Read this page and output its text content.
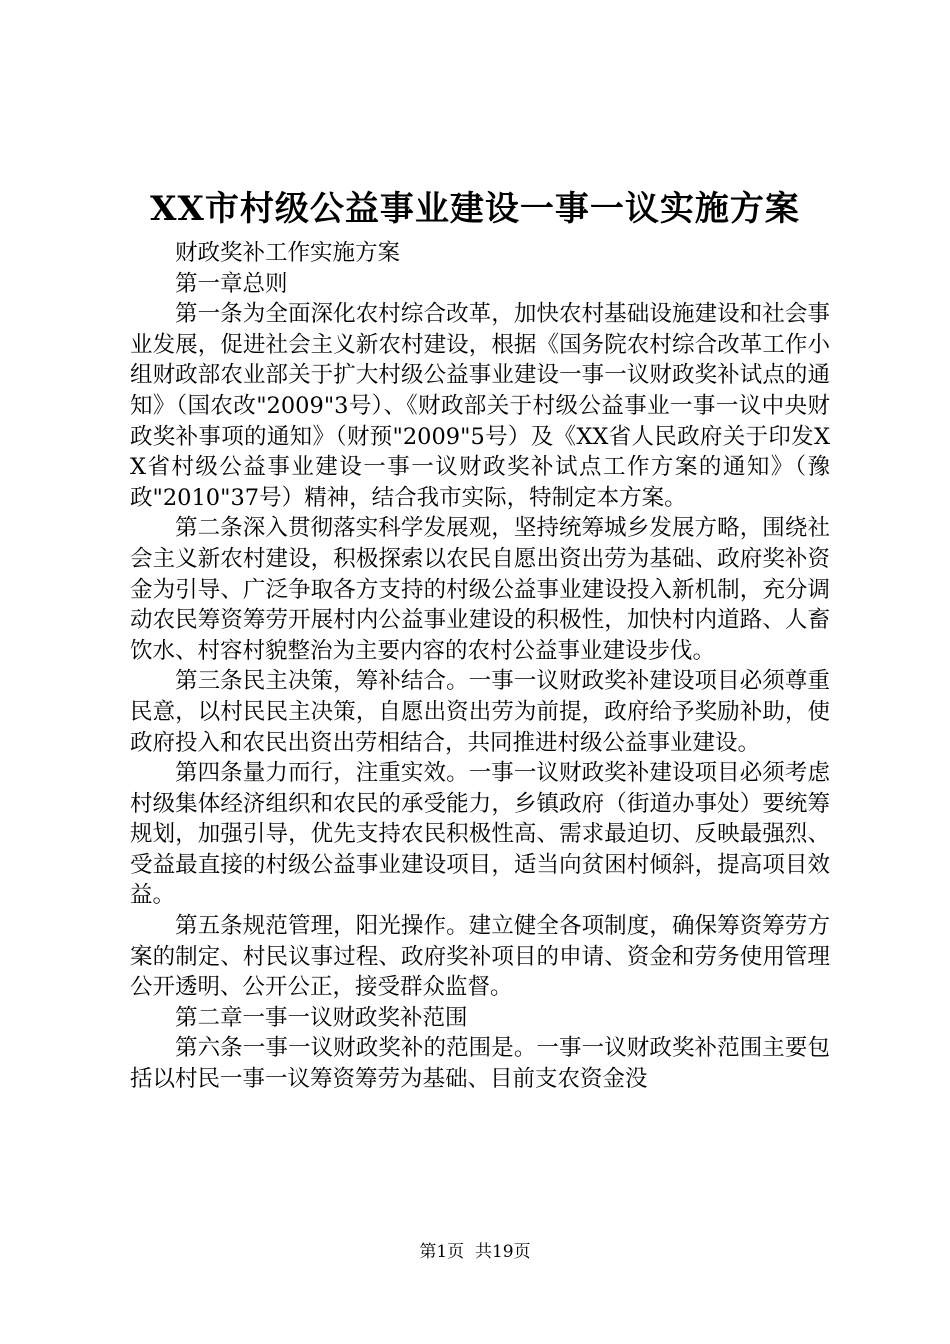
XX市村级公益事业建设一事一议实施方案

财政奖补工作实施方案

第一章总则

第一条为全面深化农村综合改革，加快农村基础设施建设和社会事业发展，促进社会主义新农村建设，根据《国务院农村综合改革工作小组财政部农业部关于扩大村级公益事业建设一事一议财政奖补试点的通知》（国农改"2009"3号）、《财政部关于村级公益事业一事一议中央财政奖补事项的通知》（财预"2009"5号）及《XX省人民政府关于印发XX省村级公益事业建设一事一议财政奖补试点工作方案的通知》（豫政"2010"37号）精神，结合我市实际，特制定本方案。

第二条深入贯彻落实科学发展观，坚持统筹城乡发展方略，围绕社会主义新农村建设，积极探索以农民自愿出资出劳为基础、政府奖补资金为引导、广泛争取各方支持的村级公益事业建设投入新机制，充分调动农民筹资筹劳开展村内公益事业建设的积极性，加快村内道路、人畜饮水、村容村貌整治为主要内容的农村公益事业建设步伐。

第三条民主决策，筹补结合。一事一议财政奖补建设项目必须尊重民意，以村民民主决策，自愿出资出劳为前提，政府给予奖励补助，使政府投入和农民出资出劳相结合，共同推进村级公益事业建设。

第四条量力而行，注重实效。一事一议财政奖补建设项目必须考虑村级集体经济组织和农民的承受能力，乡镇政府（街道办事处）要统筹规划，加强引导，优先支持农民积极性高、需求最迫切、反映最强烈、受益最直接的村级公益事业建设项目，适当向贫困村倾斜，提高项目效益。

第五条规范管理，阳光操作。建立健全各项制度，确保筹资筹劳方案的制定、村民议事过程、政府奖补项目的申请、资金和劳务使用管理公开透明、公开公正，接受群众监督。

第二章一事一议财政奖补范围

第六条一事一议财政奖补的范围是。一事一议财政奖补范围主要包括以村民一事一议筹资筹劳为基础、目前支农资金没

第1页  共19页
